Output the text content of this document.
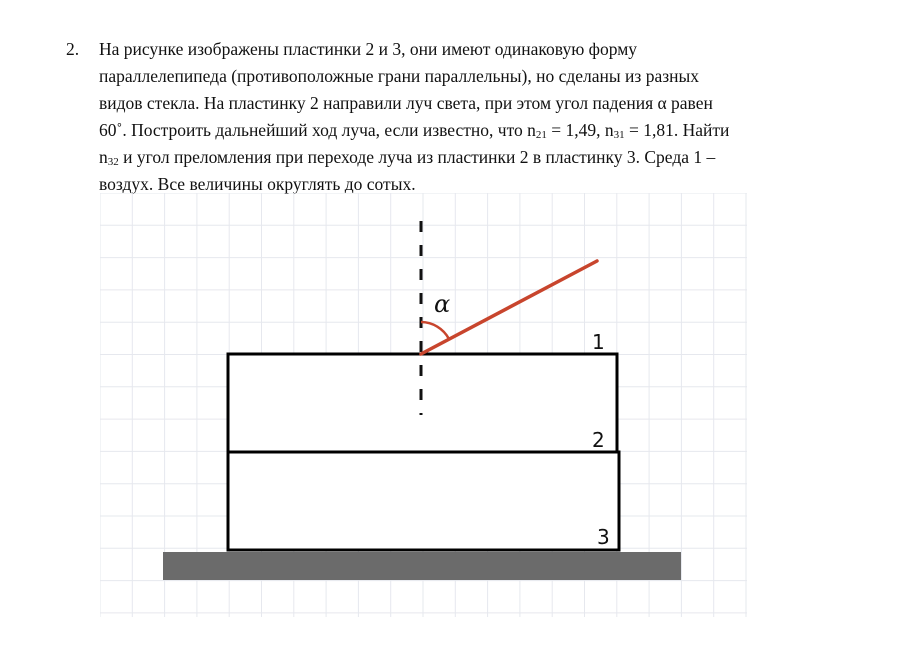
2. На рисунке изображены пластинки 2 и 3, они имеют одинаковую форму
параллелепипеда (противоположные грани параллельны), но сделаны из разных
видов стекла. На пластинку 2 направили луч света, при этом угол падения α равен
60˚. Построить дальнейший ход луча, если известно, что $n_{21} = 1,49$, $n_{31} = 1,81$. Найти
$n_{32}$ и угол преломления при переходе луча из пластинки 2 в пластинку 3. Среда 1 –
воздух. Все величины округлять до сотых.
α
1
2
3
